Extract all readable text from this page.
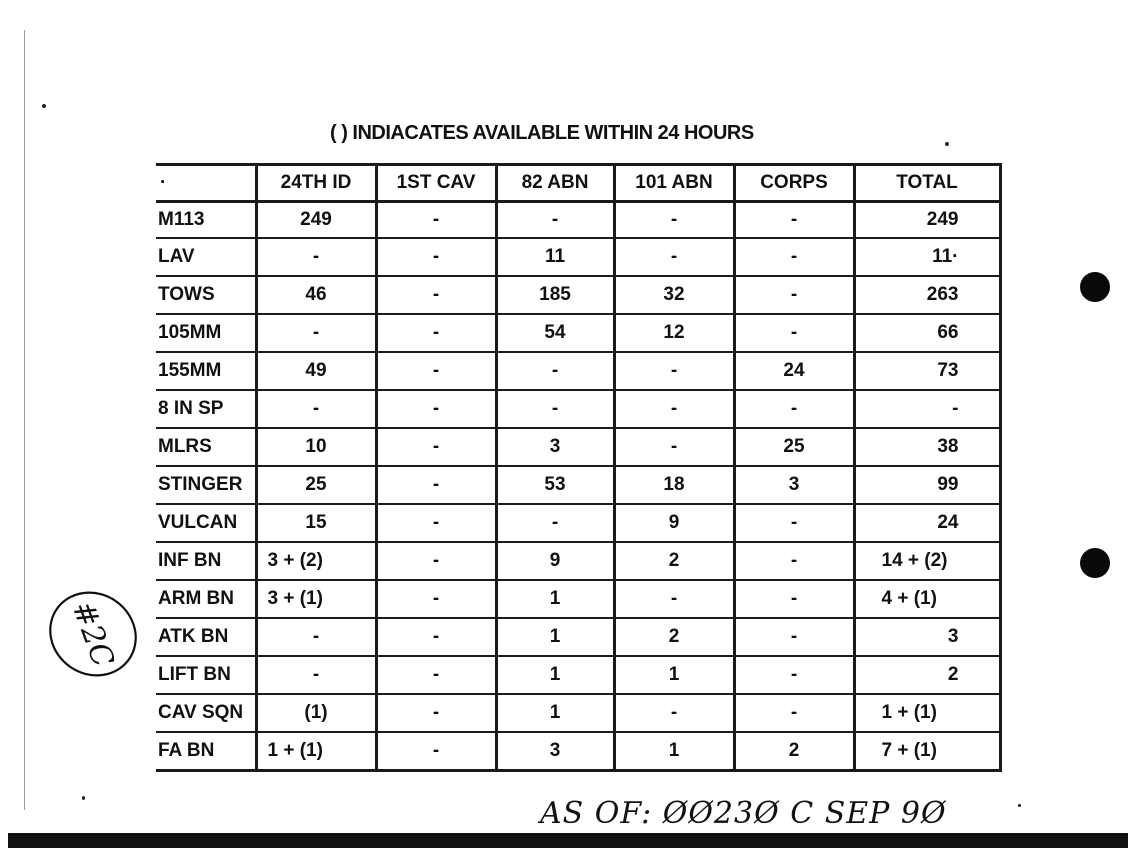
( ) INDIACATES AVAILABLE WITHIN 24 HOURS
·	24TH ID	1ST CAV	82 ABN	101 ABN	CORPS	TOTAL
M113	249	-	-	-	-	249
LAV	-	-	11	-	-	11·
TOWS	46	-	185	32	-	263
105MM	-	-	54	12	-	66
155MM	49	-	-	-	24	73
8 IN SP	-	-	-	-	-	-
MLRS	10	-	3	-	25	38
STINGER	25	-	53	18	3	99
VULCAN	15	-	-	9	-	24
INF BN	3 + (2)	-	9	2	-	14 + (2)
ARM BN	3 + (1)	-	1	-	-	4 + (1)
ATK BN	-	-	1	2	-	3
LIFT BN	-	-	1	1	-	2
CAV SQN	(1)	-	1	-	-	1 + (1)
FA BN	1 + (1)	-	3	1	2	7 + (1)
#2C
AS OF: ØØ23Ø C SEP 9Ø
